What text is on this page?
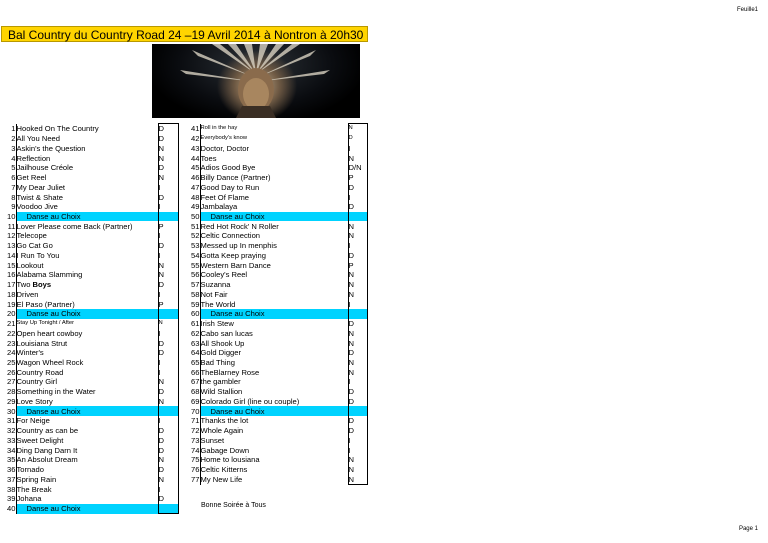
Feuille1
Bal Country du Country Road 24 –19 Avril 2014 à Nontron à 20h30
1	Hooked On The Country	D
2	All You Need	D
3	Askin's the Question	N
4	Reflection	N
5	Jailhouse Créole	D
6	Get Reel	N
7	My Dear Juliet	I
8	Twist & Shate	D
9	Voodoo Jive	I
10	Danse au Choix	
11	Lover Please come Back (Partner)	P
12	Telecope	I
13	Go Cat Go	D
14	I Run To You	I
15	Lookout	N
16	Alabama Slamming	N
17	Two Boys	D
18	Driven	I
19	El Paso (Partner)	P
20	Danse au Choix	
21	Stay Up Tonight / After	N
22	Open heart cowboy	I
23	Louisiana Strut	D
24	Winter's	D
25	Wagon Wheel Rock	I
26	Country Road	I
27	Country Girl	N
28	Something in the Water	D
29	Love Story	N
30	Danse au Choix	
31	For Neige	I
32	Country as can be	D
33	Sweet Delight	D
34	Ding Dang Darn It	D
35	An Absolut Dream	N
36	Tornado	D
37	Spring Rain	N
38	The Break	I
39	Johana	D
40	Danse au Choix	
41	Roll in the hay	N
42	Everybody's know	D
43	Doctor, Doctor	I
44	Toes	N
45	Adios Good Bye	D/N
46	Billy Dance (Partner)	P
47	Good Day to Run	D
48	Feet Of Flame	I
49	Jambalaya	D
50	Danse au Choix	
51	Red Hot Rock' N Roller	N
52	Celtic Connection	N
53	Messed up In menphis	I
54	Gotta Keep praying	D
55	Western Barn Dance	P
56	Cooley's Reel	N
57	Suzanna	N
58	Not Fair	N
59	The World	I
60	Danse au Choix	
61	Irish Stew	D
62	Cabo san lucas	N
63	All Shook Up	N
64	Gold Digger	D
65	Bad Thing	N
66	TheBlarney Rose	N
67	the gambler	I
68	Wild Stallion	D
69	Colorado Girl (line ou couple)	D
70	Danse au Choix	
71	Thanks the lot	D
72	Whole Again	D
73	Sunset	I
74	Gabage Down	I
75	Home to lousiana	N
76	Celtic Kitterns	N
77	My New Life	N
Bonne Soirée à Tous
Page 1
